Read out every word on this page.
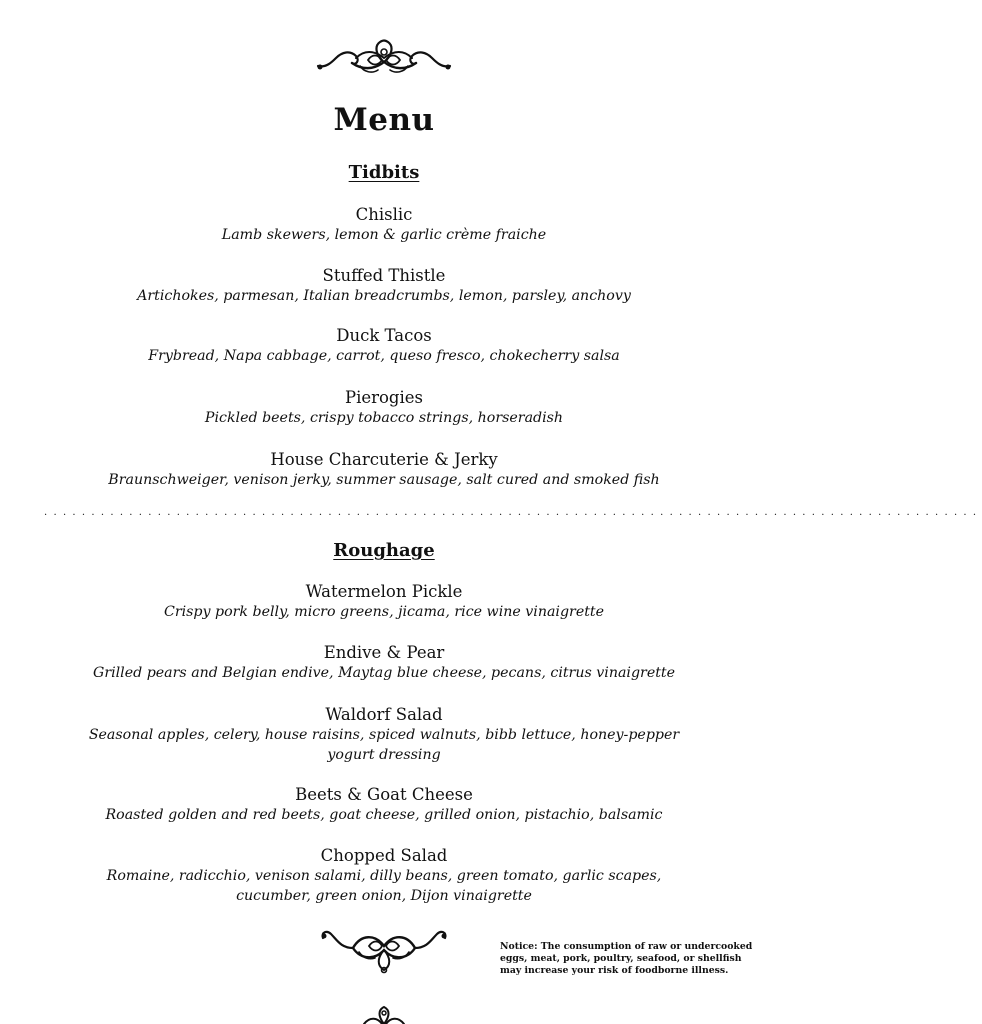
Menu
Tidbits
Chislic
Lamb skewers, lemon & garlic crème fraiche
Stuffed Thistle
Artichokes, parmesan, Italian breadcrumbs, lemon, parsley, anchovy
Duck Tacos
Frybread, Napa cabbage, carrot, queso fresco, chokecherry salsa
Pierogies
Pickled beets, crispy tobacco strings, horseradish
House Charcuterie & Jerky
Braunschweiger, venison jerky, summer sausage, salt cured and smoked fish
...................................................................................................
Roughage
Watermelon Pickle
Crispy pork belly, micro greens, jicama, rice wine vinaigrette
Endive & Pear
Grilled pears and Belgian endive, Maytag blue cheese, pecans, citrus vinaigrette
Waldorf Salad
Seasonal apples, celery, house raisins, spiced walnuts, bibb lettuce, honey-pepper yogurt dressing
Beets & Goat Cheese
Roasted golden and red beets, goat cheese, grilled onion, pistachio, balsamic
Chopped Salad
Romaine, radicchio, venison salami, dilly beans, green tomato, garlic scapes, cucumber, green onion, Dijon vinaigrette
Notice: The consumption of raw or undercooked eggs, meat, pork, poultry, seafood, or shellfish may increase your risk of foodborne illness.
